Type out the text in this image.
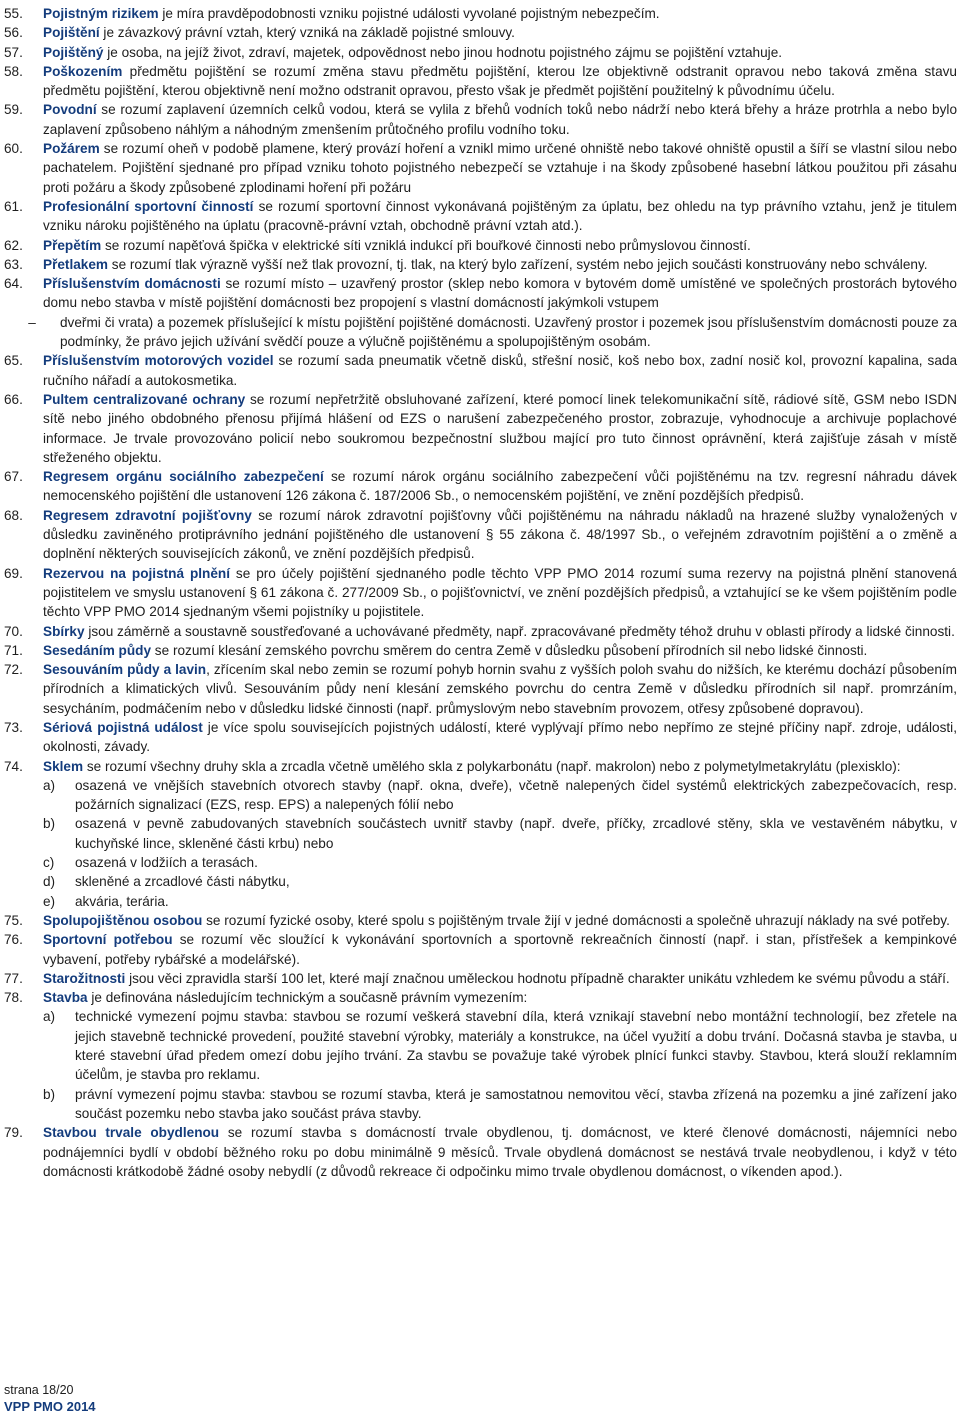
55.	Pojistným rizikem je míra pravděpodobnosti vzniku pojistné události vyvolané pojistným nebezpečím.

56.	Pojištění je závazkový právní vztah, který vzniká na základě pojistné smlouvy.

57.	Pojištěný je osoba, na jejíž život, zdraví, majetek, odpovědnost nebo jinou hodnotu pojistného zájmu se pojištění vztahuje.

58.	Poškozením předmětu pojištění se rozumí změna stavu předmětu pojištění, kterou lze objektivně odstranit opravou nebo taková změna stavu předmětu pojištění, kterou objektivně není možno odstranit opravou, přesto však je předmět pojištění použitelný k původnímu účelu.

59.	Povodní se rozumí zaplavení územních celků vodou, která se vylila z břehů vodních toků nebo nádrží nebo která břehy a hráze protrhla a nebo bylo zaplavení způsobeno náhlým a náhodným zmenšením průtočného profilu vodního toku.

60.	Požárem se rozumí oheň v podobě plamene, který provází hoření a vznikl mimo určené ohniště nebo takové ohniště opustil a šíří se vlastní silou nebo pachatelem. Pojištění sjednané pro případ vzniku tohoto pojistného nebezpečí se vztahuje i na škody způsobené hasební látkou použitou při zásahu proti požáru a škody způsobené zplodinami hoření při požáru

61.	Profesionální sportovní činností se rozumí sportovní činnost vykonávaná pojištěným za úplatu, bez ohledu na typ právního vztahu, jenž je titulem vzniku nároku pojištěného na úplatu (pracovně-právní vztah, obchodně právní vztah atd.).

62.	Přepětím se rozumí napěťová špička v elektrické síti vzniklá indukcí při bouřkové činnosti nebo průmyslovou činností.

63.	Přetlakem se rozumí tlak výrazně vyšší než tlak provozní, tj. tlak, na který bylo zařízení, systém nebo jejich součásti konstruovány nebo schváleny.

64.	Příslušenstvím domácnosti se rozumí místo – uzavřený prostor (sklep nebo komora v bytovém domě umístěné ve společných prostorách bytového domu nebo stavba v místě pojištění domácnosti bez propojení s vlastní domácností jakýmkoli vstupem

–	dveřmi či vrata) a pozemek příslušející k místu pojištění pojištěné domácnosti. Uzavřený prostor i pozemek jsou příslušenstvím domácnosti pouze za podmínky, že právo jejich užívání svědčí pouze a výlučně pojištěnému a spolupojištěným osobám.
65.	Příslušenstvím motorových vozidel se rozumí sada pneumatik včetně disků, střešní nosič, koš nebo box, zadní nosič kol, provozní kapalina, sada ručního nářadí a autokosmetika.

66.	Pultem centralizované ochrany se rozumí nepřetržitě obsluhované zařízení, které pomocí linek telekomunikační sítě, rádiové sítě, GSM nebo ISDN sítě nebo jiného obdobného přenosu přijímá hlášení od EZS o narušení zabezpečeného prostor, zobrazuje, vyhodnocuje a archivuje poplachové informace. Je trvale provozováno policií nebo soukromou bezpečnostní službou mající pro tuto činnost oprávnění, která zajišťuje zásah v místě střeženého objektu.

67.	Regresem orgánu sociálního zabezpečení se rozumí nárok orgánu sociálního zabezpečení vůči pojištěnému na tzv. regresní náhradu dávek nemocenského pojištění dle ustanovení 126 zákona č. 187/2006 Sb., o nemocenském pojištění, ve znění pozdějších předpisů.

68.	Regresem zdravotní pojišťovny se rozumí nárok zdravotní pojišťovny vůči pojištěnému na náhradu nákladů na hrazené služby vynaložených v důsledku zaviněného protiprávního jednání pojištěného dle ustanovení § 55 zákona č. 48/1997 Sb., o veřejném zdravotním pojištění a o změně a doplnění některých souvisejících zákonů, ve znění pozdějších předpisů.

69.	Rezervou na pojistná plnění se pro účely pojištění sjednaného podle těchto VPP PMO 2014 rozumí suma rezervy na pojistná plnění stanovená pojistitelem ve smyslu ustanovení § 61 zákona č. 277/2009 Sb., o pojišťovnictví, ve znění pozdějších předpisů, a vztahující se ke všem pojištěním podle těchto VPP PMO 2014 sjednaným všemi pojistníky u pojistitele.

70.	Sbírky jsou záměrně a soustavně soustřeďované a uchovávané předměty, např. zpracovávané předměty téhož druhu v oblasti přírody a lidské činnosti.

71.	Sesedáním půdy se rozumí klesání zemského povrchu směrem do centra Země v důsledku působení přírodních sil nebo lidské činnosti.

72.	Sesouváním půdy a lavin, zřícením skal nebo zemin se rozumí pohyb hornin svahu z vyšších poloh svahu do nižších, ke kterému dochází působením přírodních a klimatických vlivů. Sesouváním půdy není klesání zemského povrchu do centra Země v důsledku přírodních sil např. promrzáním, sesycháním, podmáčením nebo v důsledku lidské činnosti (např. průmyslovým nebo stavebním provozem, otřesy způsobené dopravou).

73.	Sériová pojistná událost je více spolu souvisejících pojistných událostí, které vyplývají přímo nebo nepřímo ze stejné příčiny např. zdroje, události, okolnosti, závady.

74.	Sklem se rozumí všechny druhy skla a zrcadla včetně umělého skla z polykarbonátu (např. makrolon) nebo z polymetylmetakrylátu (plexisklo):

a)	osazená ve vnějších stavebních otvorech stavby (např. okna, dveře), včetně nalepených čidel systémů elektrických zabezpečovacích, resp. požárních signalizací (EZS, resp. EPS) a nalepených fólií nebo
b)	osazená v pevně zabudovaných stavebních součástech uvnitř stavby (např. dveře, příčky, zrcadlové stěny, skla ve vestavěném nábytku, v kuchyňské lince, skleněné části krbu) nebo
c)	osazená v lodžiích a terasách.
d)	skleněné a zrcadlové části nábytku,
e)	akvária, terária.
75.	Spolupojištěnou osobou se rozumí fyzické osoby, které spolu s pojištěným trvale žijí v jedné domácnosti a společně uhrazují náklady na své potřeby.

76.	Sportovní potřebou se rozumí věc sloužící k vykonávání sportovních a sportovně rekreačních činností (např. i stan, přístřešek a kempinkové vybavení, potřeby rybářské a modelářské).

77.	Starožitnosti jsou věci zpravidla starší 100 let, které mají značnou uměleckou hodnotu případně charakter unikátu vzhledem ke svému původu a stáří.

78.	Stavba je definována následujícím technickým a současně právním vymezením:

a)	technické vymezení pojmu stavba: stavbou se rozumí veškerá stavební díla, která vznikají stavební nebo montážní technologií, bez zřetele na jejich stavebně technické provedení, použité stavební výrobky, materiály a konstrukce, na účel využití a dobu trvání. Dočasná stavba je stavba, u které stavební úřad předem omezí dobu jejího trvání. Za stavbu se považuje také výrobek plnící funkci stavby. Stavbou, která slouží reklamním účelům, je stavba pro reklamu.
b)	právní vymezení pojmu stavba: stavbou se rozumí stavba, která je samostatnou nemovitou věcí, stavba zřízená na pozemku a jiné zařízení jako součást pozemku nebo stavba jako součást práva stavby.
79.	Stavbou trvale obydlenou se rozumí stavba s domácností trvale obydlenou, tj. domácnost, ve které členové domácnosti, nájemníci nebo podnájemníci bydlí v období běžného roku po dobu minimálně 9 měsíců. Trvale obydlená domácnost se nestává trvale neobydlenou, i když v této domácnosti krátkodobě žádné osoby nebydlí (z důvodů rekreace či odpočinku mimo trvale obydlenou domácnost, o víkenden apod.).

strana 18/20
VPP PMO 2014
